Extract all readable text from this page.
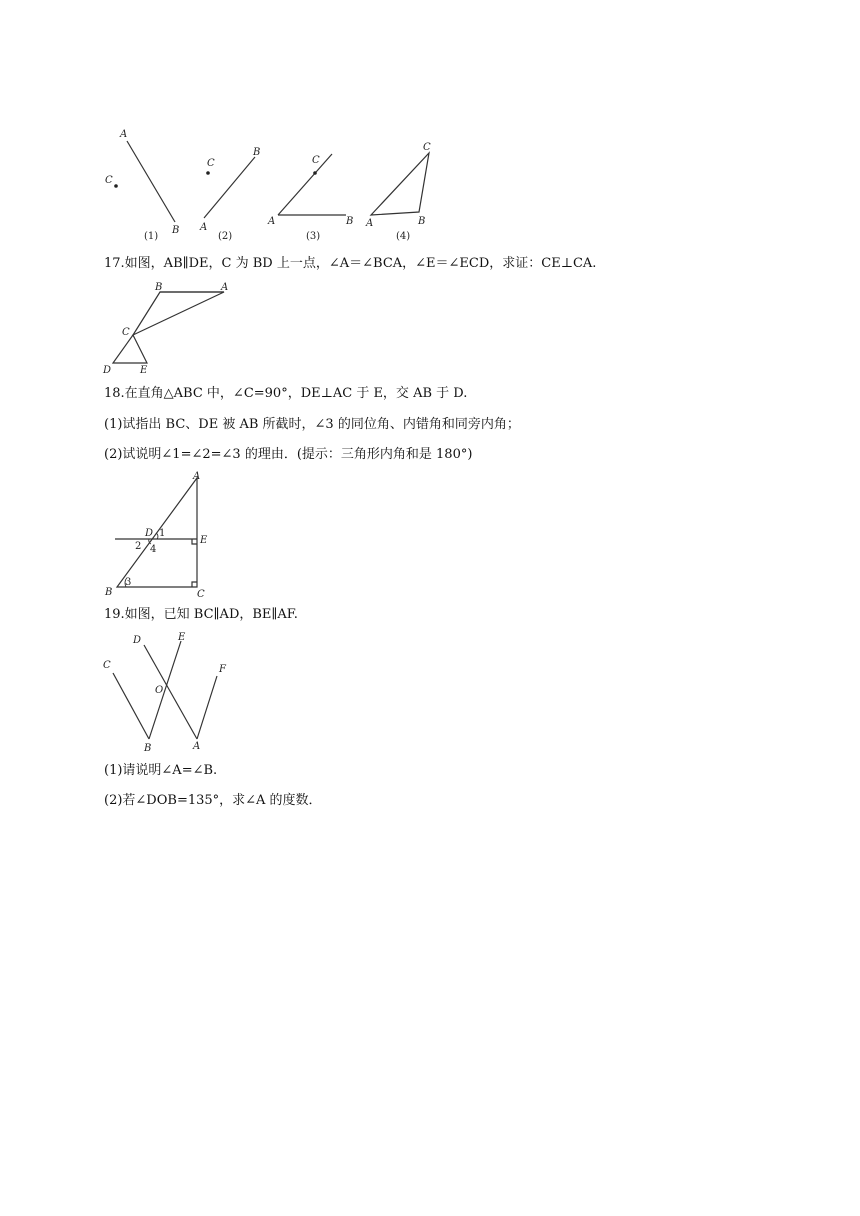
A
C
B
(1)
C
B
A
(2)
C
A	B
(3)
C
A	B
(4)
17.如图，AB∥DE，C 为 BD 上一点，∠A＝∠BCA，∠E＝∠ECD，求证：CE⊥CA.
B	A
C
D	E
18.在直角△ABC 中，∠C=90°，DE⊥AC 于 E，交 AB 于 D.
(1)试指出 BC、DE 被 AB 所截时，∠3 的同位角、内错角和同旁内角；
(2)试说明∠1=∠2=∠3 的理由．(提示：三角形内角和是 180°)
A
D 1
2 4
E
3
B	C
19.如图，已知 BC∥AD，BE∥AF.
D	E
C	F
O
B	A
(1)请说明∠A=∠B.
(2)若∠DOB=135°，求∠A 的度数．
